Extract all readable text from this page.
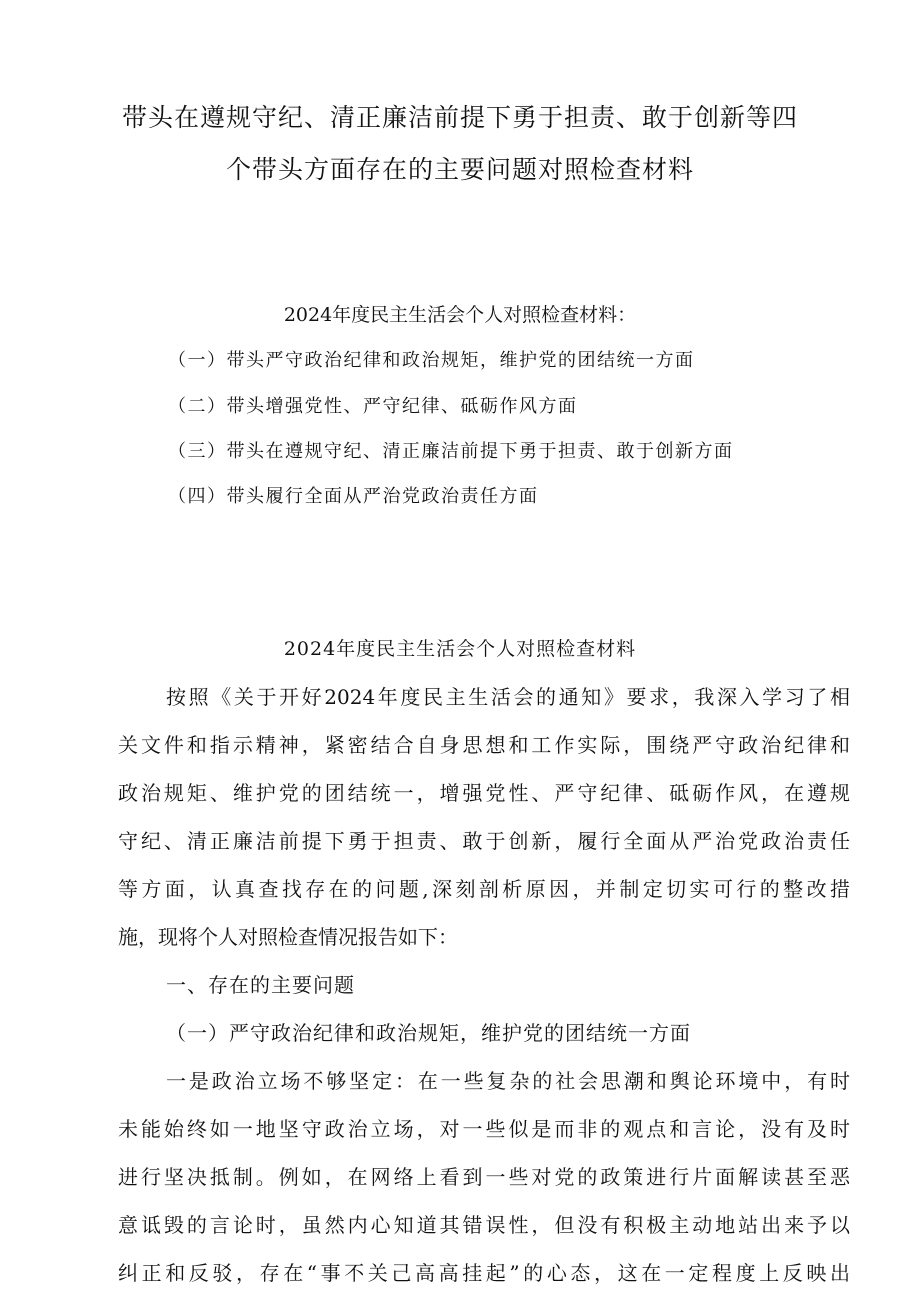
带头在遵规守纪、清正廉洁前提下勇于担责、敢于创新等四
个带头方面存在的主要问题对照检查材料
2024年度民主生活会个人对照检查材料：
（一）带头严守政治纪律和政治规矩，维护党的团结统一方面
（二）带头增强党性、严守纪律、砥砺作风方面
（三）带头在遵规守纪、清正廉洁前提下勇于担责、敢于创新方面
（四）带头履行全面从严治党政治责任方面
2024年度民主生活会个人对照检查材料
按照《关于开好2024年度民主生活会的通知》要求，我深入学习了相
关文件和指示精神，紧密结合自身思想和工作实际，围绕严守政治纪律和
政治规矩、维护党的团结统一，增强党性、严守纪律、砥砺作风，在遵规
守纪、清正廉洁前提下勇于担责、敢于创新，履行全面从严治党政治责任
等方面，认真查找存在的问题,深刻剖析原因，并制定切实可行的整改措
施，现将个人对照检查情况报告如下：
一、存在的主要问题
（一）严守政治纪律和政治规矩，维护党的团结统一方面
一是政治立场不够坚定：在一些复杂的社会思潮和舆论环境中，有时
未能始终如一地坚守政治立场，对一些似是而非的观点和言论，没有及时
进行坚决抵制。例如，在网络上看到一些对党的政策进行片面解读甚至恶
意诋毁的言论时，虽然内心知道其错误性，但没有积极主动地站出来予以
纠正和反驳，存在“事不关己高高挂起”的心态，这在一定程度上反映出
